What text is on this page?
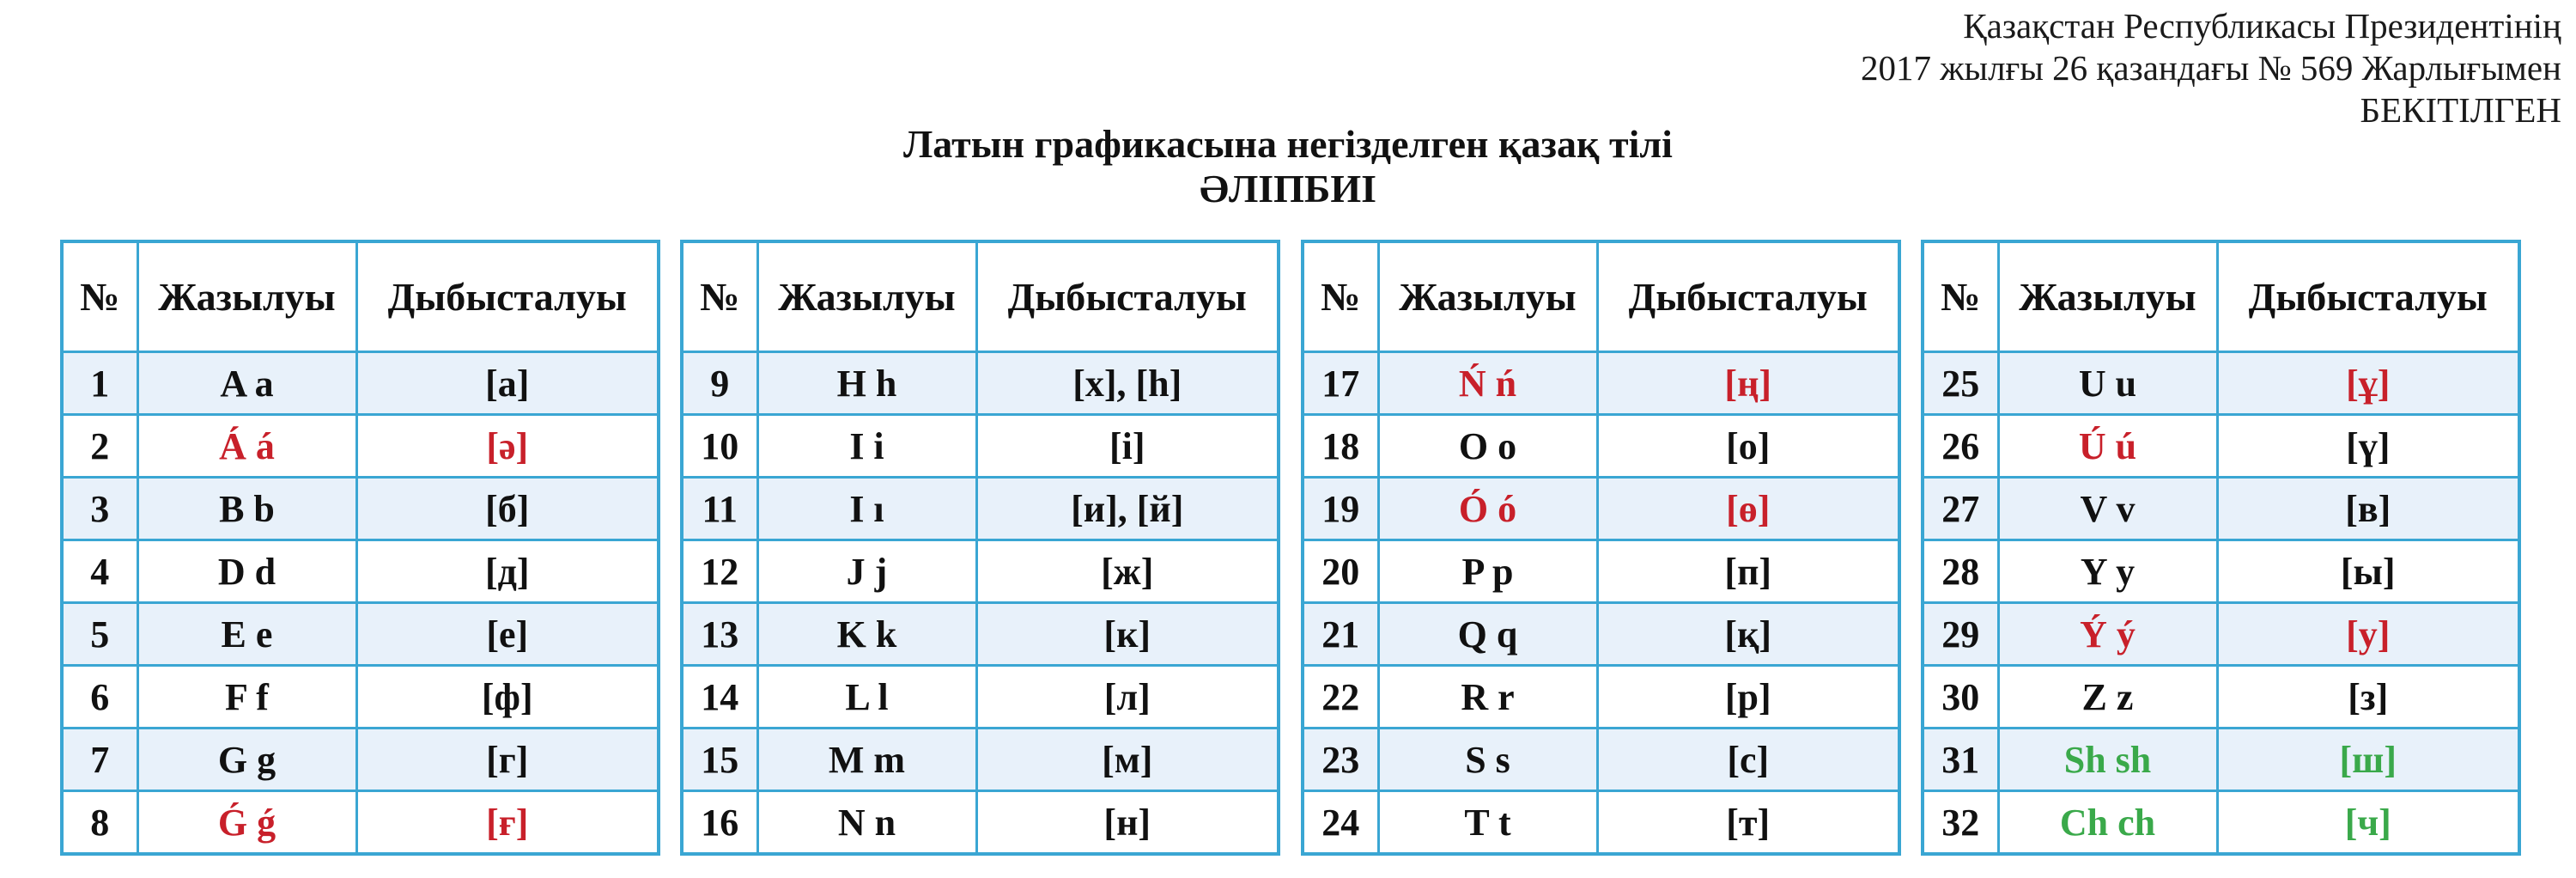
Қазақстан Республикасы Президентінің
2017 жылғы 26 қазандағы № 569 Жарлығымен
БЕКІТІЛГЕН
Латын графикасына негізделген қазақ тілі
ӘЛІПБИІ
№	Жазылуы	Дыбысталуы
1	A a	[а]
2	Á á	[ә]
3	B b	[б]
4	D d	[д]
5	E e	[е]
6	F f	[ф]
7	G g	[г]
8	Ǵ ǵ	[ғ]
№	Жазылуы	Дыбысталуы
9	H h	[х], [һ]
10	I i	[і]
11	I ı	[и], [й]
12	J j	[ж]
13	K k	[к]
14	L l	[л]
15	M m	[м]
16	N n	[н]
№	Жазылуы	Дыбысталуы
17	Ń ń	[ң]
18	O o	[о]
19	Ó ó	[ө]
20	P p	[п]
21	Q q	[қ]
22	R r	[р]
23	S s	[с]
24	T t	[т]
№	Жазылуы	Дыбысталуы
25	U u	[ұ]
26	Ú ú	[ү]
27	V v	[в]
28	Y y	[ы]
29	Ý ý	[у]
30	Z z	[з]
31	Sh sh	[ш]
32	Ch ch	[ч]
